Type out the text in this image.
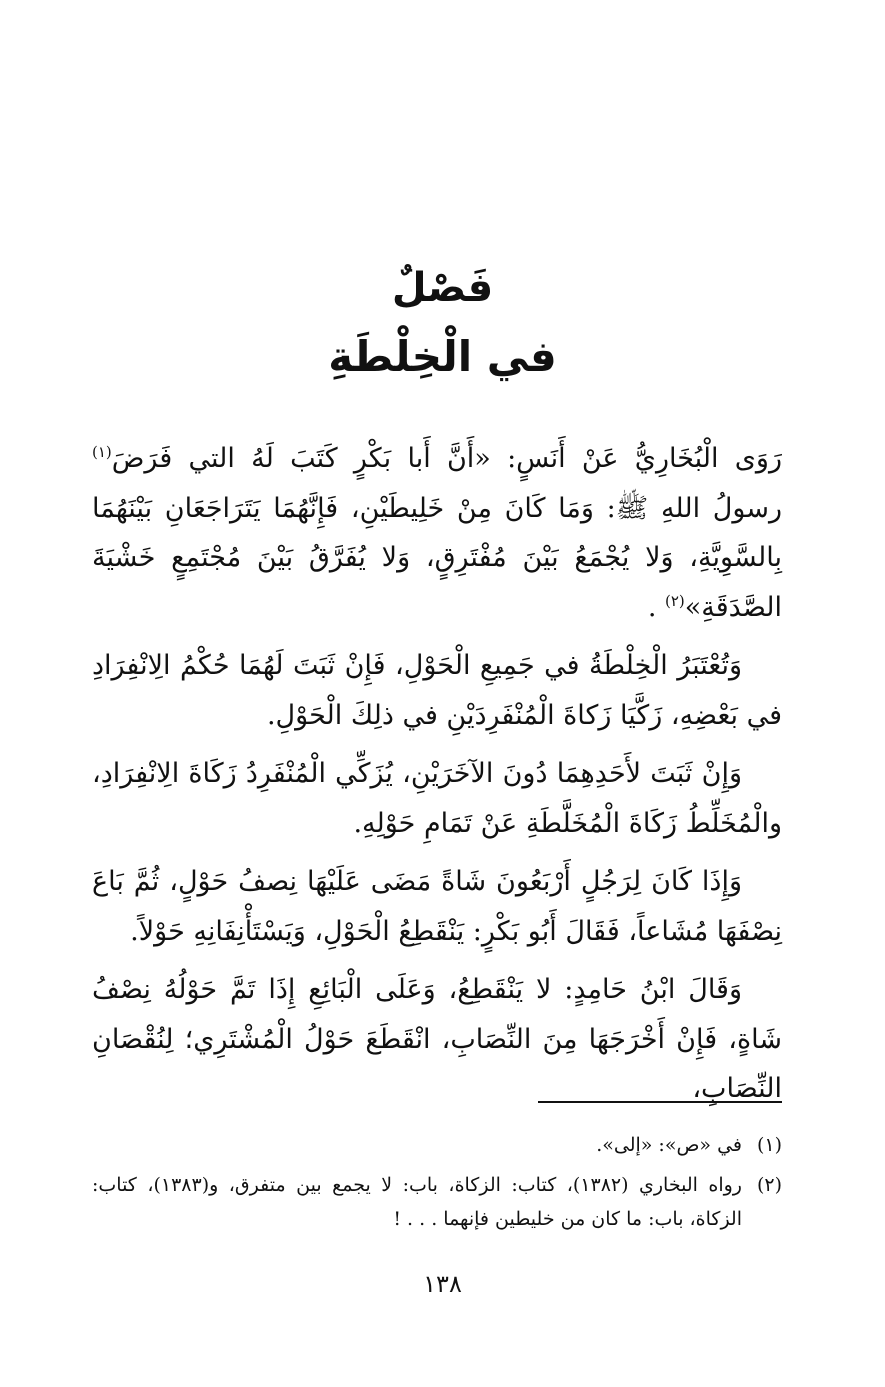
فَصْلٌ
في الْخِلْطَةِ

رَوَى الْبُخَارِيُّ عَنْ أَنَسٍ: «أَنَّ أَبا بَكْرٍ كَتَبَ لَهُ التي فَرَضَ$^{(١)}$ رسولُ اللهِ ﷺ: وَمَا كَانَ مِنْ خَلِيطَيْنِ، فَإِنَّهُمَا يَتَرَاجَعَانِ بَيْنَهُمَا بِالسَّوِيَّةِ، وَلا يُجْمَعُ بَيْنَ مُفْتَرِقٍ، وَلا يُفَرَّقُ بَيْنَ مُجْتَمِعٍ خَشْيَةَ الصَّدَقَةِ»$^{(٢)}$ .

وَتُعْتَبَرُ الْخِلْطَةُ في جَمِيعِ الْحَوْلِ، فَإِنْ ثَبَتَ لَهُمَا حُكْمُ الِانْفِرَادِ في بَعْضِهِ، زَكَّيَا زَكاةَ الْمُنْفَرِدَيْنِ في ذلِكَ الْحَوْلِ.

وَإِنْ ثَبَتَ لأَحَدِهِمَا دُونَ الآخَرَيْنِ، يُزَكِّي الْمُنْفَرِدُ زَكَاةَ الِانْفِرَادِ، والْمُخَلِّطُ زَكَاةَ الْمُخَلَّطَةِ عَنْ تَمَامِ حَوْلِهِ.

وَإِذَا كَانَ لِرَجُلٍ أَرْبَعُونَ شَاةً مَضَى عَلَيْهَا نِصفُ حَوْلٍ، ثُمَّ بَاعَ نِصْفَهَا مُشَاعاً، فَقَالَ أَبُو بَكْرٍ: يَنْقَطِعُ الْحَوْلِ، وَيَسْتَأْنِفَانِهِ حَوْلاً.

وَقَالَ ابْنُ حَامِدٍ: لا يَنْقَطِعُ، وَعَلَى الْبَائِعِ إِذَا تَمَّ حَوْلُهُ نِصْفُ شَاةٍ، فَإِنْ أَخْرَجَهَا مِنَ النِّصَابِ، انْقَطَعَ حَوْلُ الْمُشْتَرِي؛ لِنُقْصَانِ النِّصَابِ،

(١)
في «ص»: «إلى».
(٢)
رواه البخاري (١٣٨٢)، كتاب: الزكاة، باب: لا يجمع بين متفرق، و(١٣٨٣)، كتاب: الزكاة، باب: ما كان من خليطين فإنهما . . . !
١٣٨
